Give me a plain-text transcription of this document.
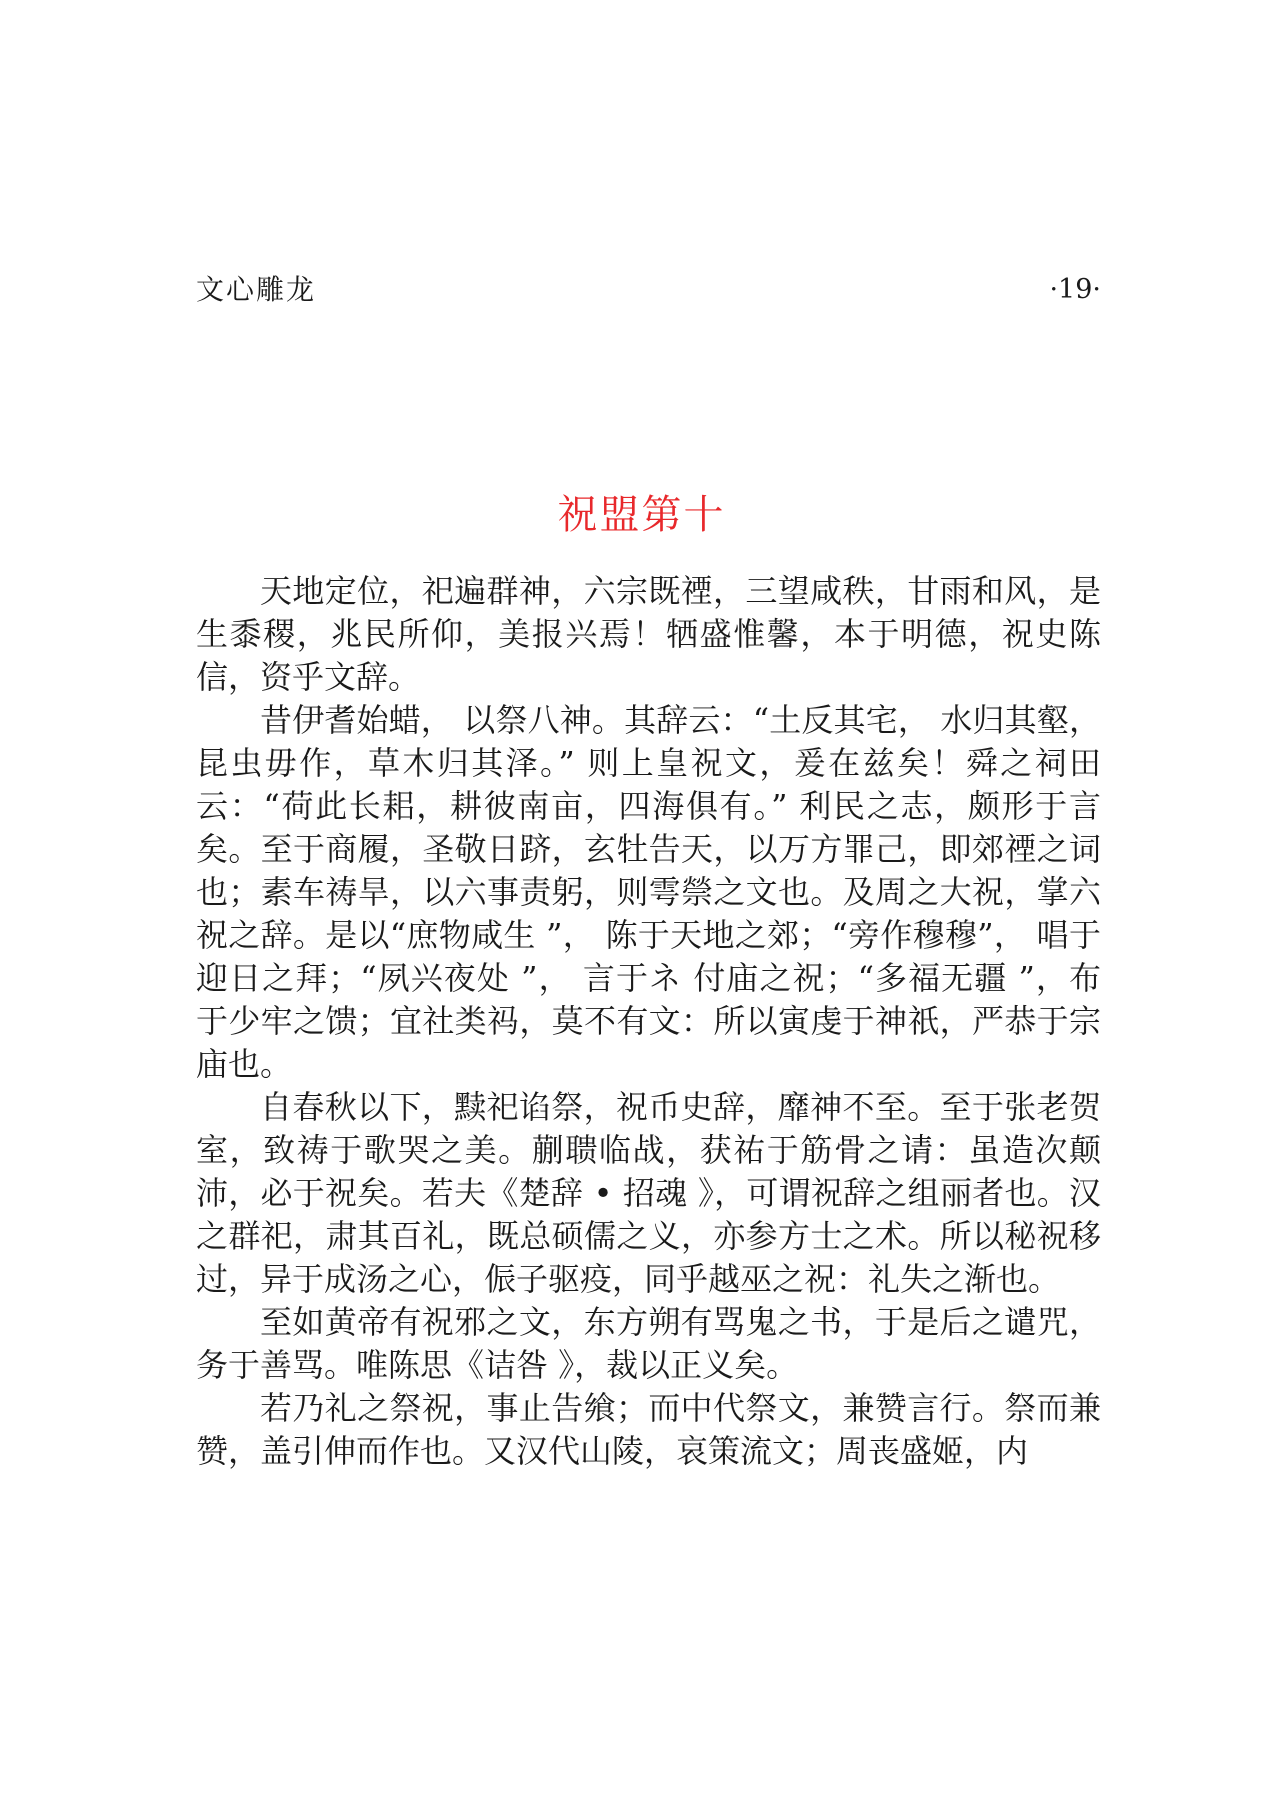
文心雕龙	·19·
祝盟第十

天地定位，祀遍群神，六宗既禋，三望咸秩，甘雨和风，是生黍稷，兆民所仰，美报兴焉！牺盛惟馨，本于明德，祝史陈信，资乎文辞。

昔伊耆始蜡， 以祭八神。其辞云：“土反其宅， 水归其壑，昆虫毋作，草木归其泽。” 则上皇祝文，爰在兹矣！舜之祠田云：“荷此长耜，耕彼南亩，四海俱有。” 利民之志，颇形于言矣。至于商履，圣敬日跻，玄牡告天，以万方罪己，即郊禋之词也；素车祷旱，以六事责躬，则雩禜之文也。及周之大祝，掌六祝之辞。是以“庶物咸生 ”， 陈于天地之郊；“旁作穆穆”， 唱于迎日之拜；“夙兴夜处 ”， 言于ネ 付庙之祝；“多福无疆 ”，布于少牢之馈；宜社类祃，莫不有文：所以寅虔于神祇，严恭于宗庙也。

自春秋以下，黩祀谄祭，祝币史辞，靡神不至。至于张老贺室，致祷于歌哭之美。蒯聩临战，获祐于筋骨之请：虽造次颠沛，必于祝矣。若夫《楚辞 • 招魂 》，可谓祝辞之组丽者也。汉之群祀，肃其百礼，既总硕儒之义，亦参方士之术。所以秘祝移过，异于成汤之心，侲子驱疫，同乎越巫之祝：礼失之渐也。

至如黄帝有祝邪之文，东方朔有骂鬼之书，于是后之谴咒，务于善骂。唯陈思《诘咎 》，裁以正义矣。

若乃礼之祭祝，事止告飨；而中代祭文，兼赞言行。祭而兼赞，盖引伸而作也。又汉代山陵，哀策流文；周丧盛姬，内
